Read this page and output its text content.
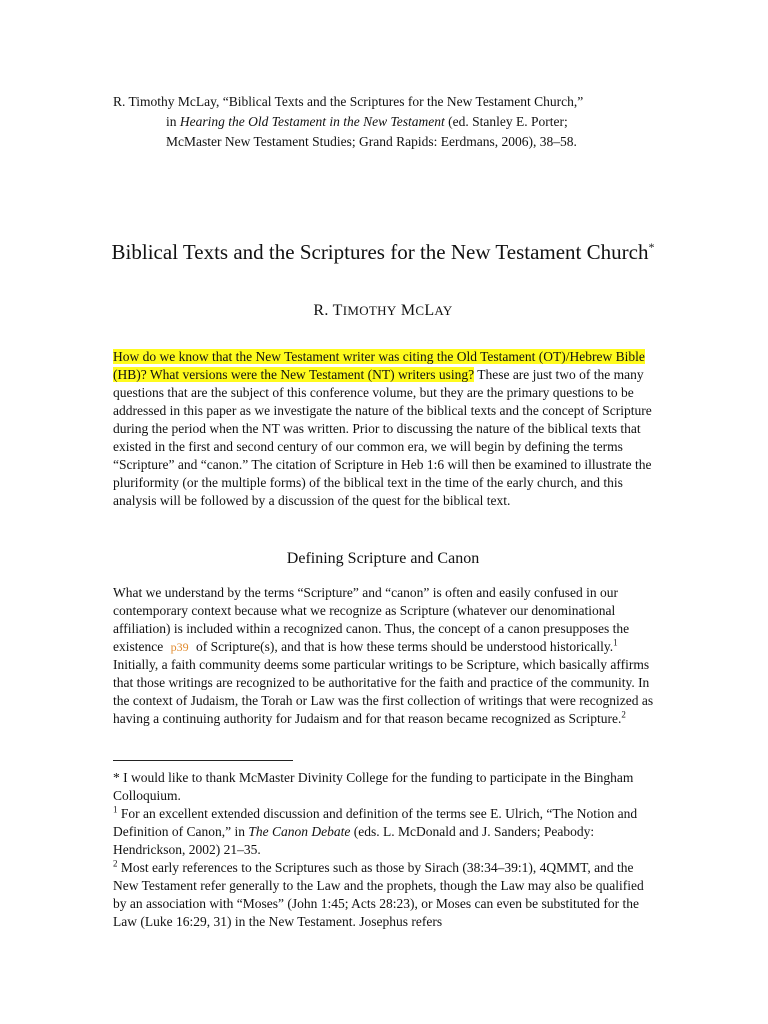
R. Timothy McLay, “Biblical Texts and the Scriptures for the New Testament Church,”
in Hearing the Old Testament in the New Testament (ed. Stanley E. Porter;
McMaster New Testament Studies; Grand Rapids: Eerdmans, 2006), 38–58.
Biblical Texts and the Scriptures for the New Testament Church*
R. TIMOTHY MCLAY
How do we know that the New Testament writer was citing the Old Testament (OT)/Hebrew Bible (HB)? What versions were the New Testament (NT) writers using? These are just two of the many questions that are the subject of this conference volume, but they are the primary questions to be addressed in this paper as we investigate the nature of the biblical texts and the concept of Scripture during the period when the NT was written. Prior to discussing the nature of the biblical texts that existed in the first and second century of our common era, we will begin by defining the terms “Scripture” and “canon.” The citation of Scripture in Heb 1:6 will then be examined to illustrate the pluriformity (or the multiple forms) of the biblical text in the time of the early church, and this analysis will be followed by a discussion of the quest for the biblical text.
Defining Scripture and Canon
What we understand by the terms “Scripture” and “canon” is often and easily confused in our contemporary context because what we recognize as Scripture (whatever our denominational affiliation) is included within a recognized canon. Thus, the concept of a canon presupposes the existence p39 of Scripture(s), and that is how these terms should be understood historically.$^1$ Initially, a faith community deems some particular writings to be Scripture, which basically affirms that those writings are recognized to be authoritative for the faith and practice of the community. In the context of Judaism, the Torah or Law was the first collection of writings that were recognized as having a continuing authority for Judaism and for that reason became recognized as Scripture.$^2$

* I would like to thank McMaster Divinity College for the funding to participate in the Bingham Colloquium.

$^1$ For an excellent extended discussion and definition of the terms see E. Ulrich, “The Notion and Definition of Canon,” in The Canon Debate (eds. L. McDonald and J. Sanders; Peabody: Hendrickson, 2002) 21–35.

$^2$ Most early references to the Scriptures such as those by Sirach (38:34–39:1), 4QMMT, and the New Testament refer generally to the Law and the prophets, though the Law may also be qualified by an association with “Moses” (John 1:45; Acts 28:23), or Moses can even be substituted for the Law (Luke 16:29, 31) in the New Testament. Josephus refers
